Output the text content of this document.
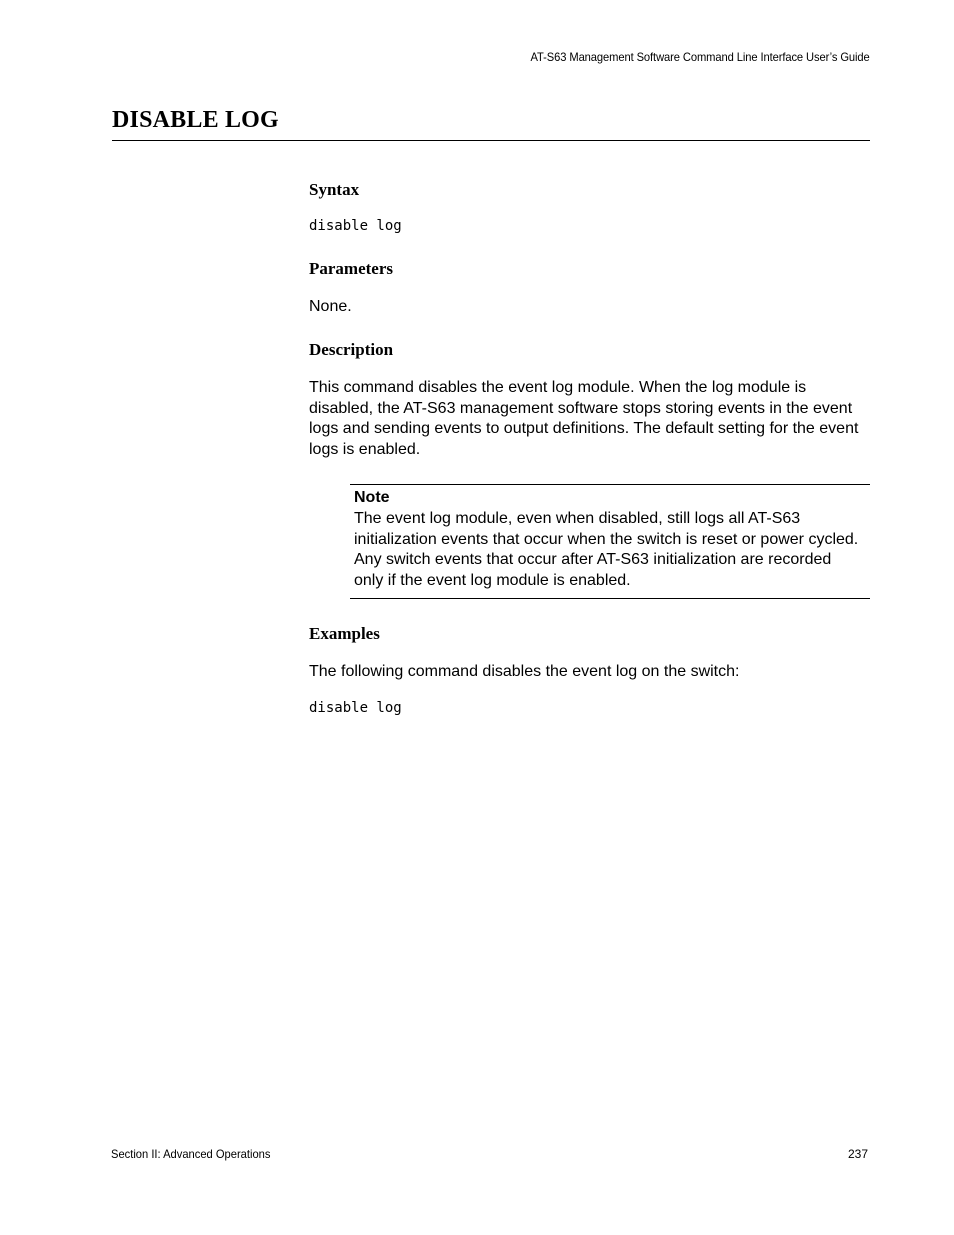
AT-S63 Management Software Command Line Interface User’s Guide
DISABLE LOG
Syntax

disable log

Parameters

None.

Description

This command disables the event log module. When the log module is disabled, the AT-S63 management software stops storing events in the event logs and sending events to output definitions. The default setting for the event logs is enabled.

Note

The event log module, even when disabled, still logs all AT-S63 initialization events that occur when the switch is reset or power cycled. Any switch events that occur after AT-S63 initialization are recorded only if the event log module is enabled.

Examples

The following command disables the event log on the switch:

disable log

Section II: Advanced Operations	237
